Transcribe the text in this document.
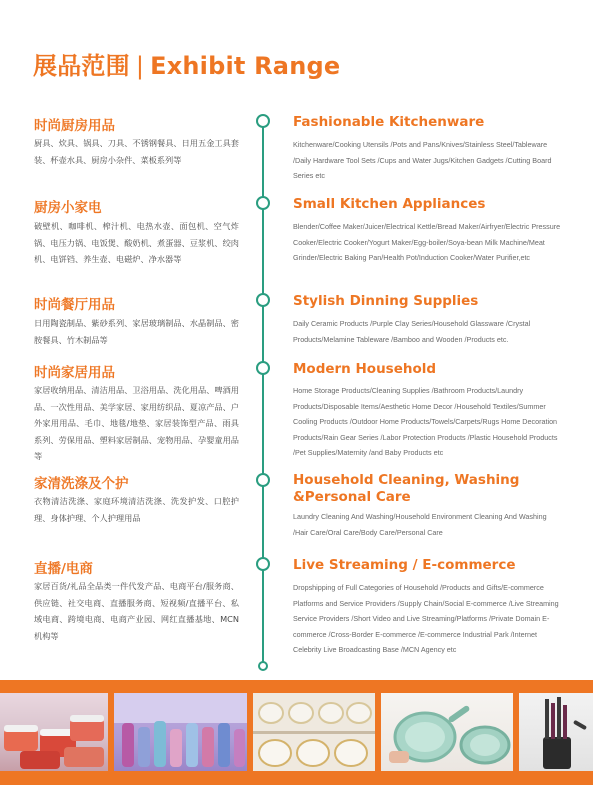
展品范围 | Exhibit Range
时尚厨房用品

厨具、炊具、锅具、刀具、不锈钢餐具、日用五金工具套装、杯壶水具、厨房小杂件、菜板系列等

Fashionable Kitchenware

Kitchenware/Cooking Utensils /Pots and Pans/Knives/Stainless Steel/Tableware /Daily Hardware Tool Sets /Cups and Water Jugs/Kitchen Gadgets /Cutting Board Series etc

厨房小家电

破壁机、咖啡机、榨汁机、电热水壶、面包机、空气炸锅、电压力锅、电饭煲、酸奶机、煮蛋器、豆浆机、绞肉机、电饼铛、养生壶、电磁炉、净水器等

Small Kitchen Appliances

Blender/Coffee Maker/Juicer/Electrical Kettle/Bread Maker/Airfryer/Electric Pressure Cooker/Electric Cooker/Yogurt Maker/Egg-boiler/Soya-bean Milk Machine/Meat Grinder/Electric Baking Pan/Health Pot/Induction Cooker/Water Purifier,etc

时尚餐厅用品

日用陶瓷制品、紫砂系列、家居玻璃制品、水晶制品、密胺餐具、竹木制品等

Stylish Dinning Supplies

Daily Ceramic Products /Purple Clay Series/Household Glassware /Crystal Products/Melamine Tableware /Bamboo and Wooden /Products etc.

时尚家居用品

家居收纳用品、清洁用品、卫浴用品、洗化用品、啤酒用品、一次性用品、美学家居、家用纺织品、夏凉产品、户外家用用品、毛巾、地毯/地垫、家居装饰型产品、雨具系列、劳保用品、塑料家居制品、宠物用品、孕婴童用品等

Modern Household

Home Storage Products/Cleaning Supplies /Bathroom Products/Laundry Products/Disposable Items/Aesthetic Home Decor /Household Textiles/Summer Cooling Products /Outdoor Home Products/Towels/Carpets/Rugs Home Decoration Products/Rain Gear Series /Labor Protection Products /Plastic Household Products /Pet Supplies/Maternity /and Baby Products etc

家清洗涤及个护

衣物清洁洗涤、家庭环境清洁洗涤、洗发护发、口腔护理、身体护理、个人护理用品

Household Cleaning, Washing &Personal Care

Laundry Cleaning And Washing/Household Environment Cleaning And Washing /Hair Care/Oral Care/Body Care/Personal Care

直播/电商

家居百货/礼品全品类一件代发产品、电商平台/服务商、供应链、社交电商、直播服务商、短视频/直播平台、私域电商、跨境电商、电商产业园、网红直播基地、MCN机构等

Live Streaming / E-commerce

Dropshipping of Full Categories of Household /Products and Gifts/E-commerce Platforms and Service Providers /Supply Chain/Social E-commerce /Live Streaming Service Providers /Short Video and Live Streaming/Platforms /Private Domain E-commerce /Cross-Border E-commerce /E-commerce Industrial Park /Internet Celebrity Live Broadcasting Base /MCN Agency etc
